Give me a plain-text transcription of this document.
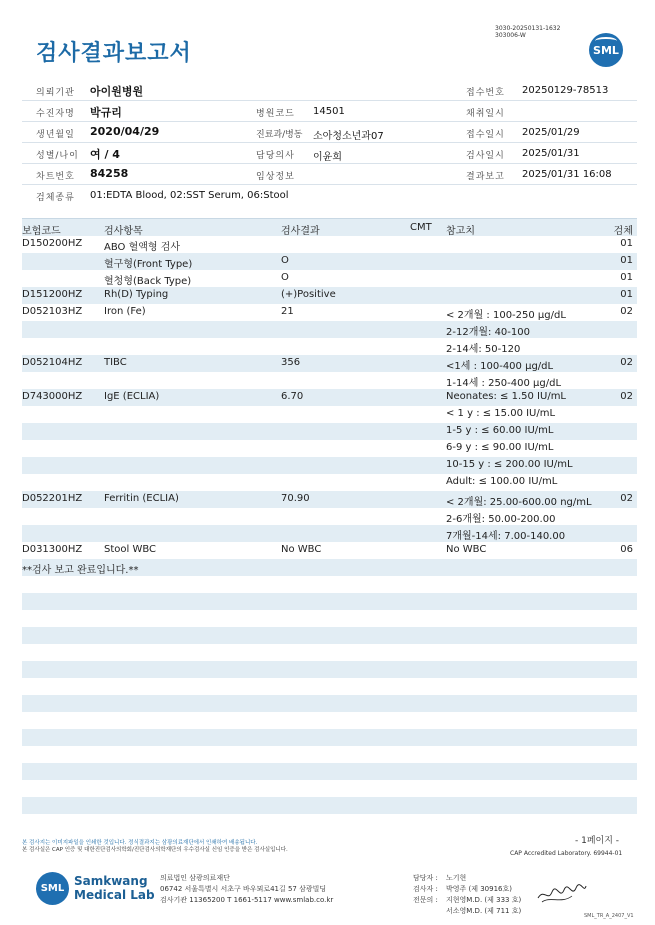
3030-20250131-1632
303006-W
검사결과보고서	SML
의뢰기관 아이원병원	접수번호 20250129-78513
수진자명 박규리	병원코드 14501	채취일시
생년월일 2020/04/29	진료과/병동 소아청소년과07	접수일시 2025/01/29
성별/나이 여 / 4	담당의사 이윤희	검사일시 2025/01/31
차트번호 84258	임상정보	결과보고 2025/01/31 16:08
검체종류 01:EDTA Blood, 02:SST Serum, 06:Stool
보험코드	검사항목	검사결과	CMT 참고치	검체
D150200HZ ABO 혈액형 검사	01
혈구형(Front Type)	O	01
혈청형(Back Type)	O	01
D151200HZ Rh(D) Typing	(+)Positive	01
D052103HZ Iron (Fe)	21	< 2개월 : 100-250 μg/dL	02
2-12개월: 40-100
2-14세: 50-120
D052104HZ TIBC	356	<1세 : 100-400 μg/dL	02
1-14세 : 250-400 μg/dL
D743000HZ IgE (ECLIA)	6.70	Neonates: ≤ 1.50 IU/mL	02
< 1 y : ≤ 15.00 IU/mL
1-5 y : ≤ 60.00 IU/mL
6-9 y : ≤ 90.00 IU/mL
10-15 y : ≤ 200.00 IU/mL
Adult: ≤ 100.00 IU/mL
D052201HZ Ferritin (ECLIA)	70.90	< 2개월: 25.00-600.00 ng/mL	02
2-6개월: 50.00-200.00
7개월-14세: 7.00-140.00
D031300HZ Stool WBC	No WBC	No WBC	06
**검사 보고 완료입니다.**
본 검사지는 이미지파일을 인쇄한 것입니다. 정식결과지는 삼광의료재단에서 인쇄하여 배송됩니다.
본 검사실은 CAP 인증 및 대한진단검사의학회/진단검사의학재단의 우수검사실 신임 인증을 받은 검사실입니다.
- 1페이지 -
CAP Accredited Laboratory. 69944-01
SML
Samkwang
Medical Lab
의료법인 삼광의료재단
06742 서울특별시 서초구 바우뫼로41길 57 삼광빌딩
검사기관 11365200 T 1661-5117 www.smlab.co.kr
담당자 : 노기현
검사자 : 박영주 (제 30916호)
전문의 : 지현영M.D. (제 333 호)
서소영M.D. (제 711 호)
SML_TR_A_2407_V1
